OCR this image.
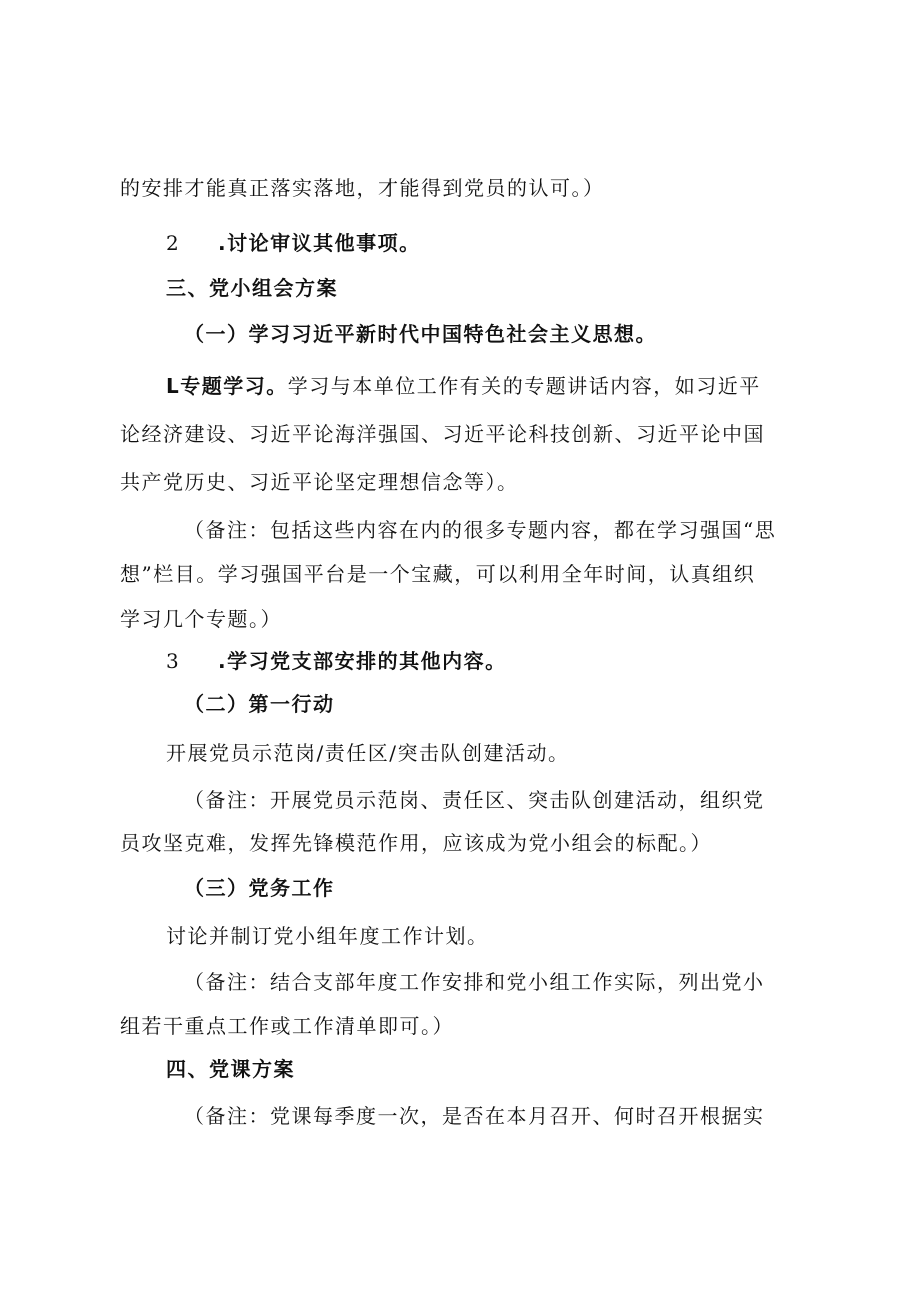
的安排才能真正落实落地，才能得到党员的认可。）
2 .讨论审议其他事项。
三、党小组会方案
（一）学习习近平新时代中国特色社会主义思想。
L专题学习。学习与本单位工作有关的专题讲话内容，如习近平
论经济建设、习近平论海洋强国、习近平论科技创新、习近平论中国
共产党历史、习近平论坚定理想信念等）。
（备注：包括这些内容在内的很多专题内容，都在学习强国“思
想”栏目。学习强国平台是一个宝藏，可以利用全年时间，认真组织
学习几个专题。）
3 .学习党支部安排的其他内容。
（二）第一行动
开展党员示范岗/责任区/突击队创建活动。
（备注：开展党员示范岗、责任区、突击队创建活动，组织党
员攻坚克难，发挥先锋模范作用，应该成为党小组会的标配。）
（三）党务工作
讨论并制订党小组年度工作计划。
（备注：结合支部年度工作安排和党小组工作实际，列出党小
组若干重点工作或工作清单即可。）
四、党课方案
（备注：党课每季度一次，是否在本月召开、何时召开根据实
